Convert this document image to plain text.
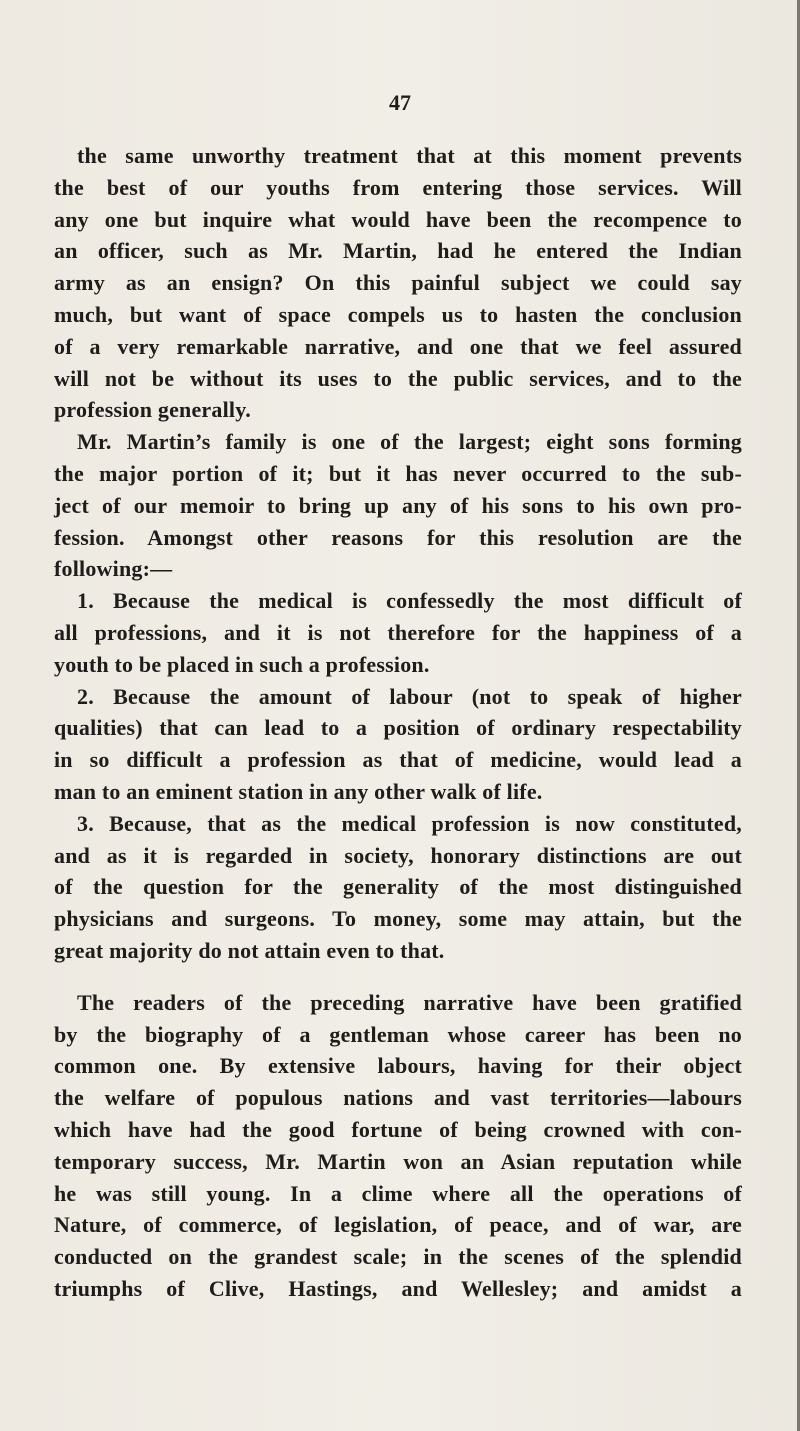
47
the same unworthy treatment that at this moment prevents
the best of our youths from entering those services. Will
any one but inquire what would have been the recompence to
an officer, such as Mr. Martin, had he entered the Indian
army as an ensign? On this painful subject we could say
much, but want of space compels us to hasten the conclusion
of a very remarkable narrative, and one that we feel assured
will not be without its uses to the public services, and to the
profession generally.
Mr. Martin’s family is one of the largest; eight sons forming
the major portion of it; but it has never occurred to the sub-
ject of our memoir to bring up any of his sons to his own pro-
fession. Amongst other reasons for this resolution are the
following:—
1. Because the medical is confessedly the most difficult of
all professions, and it is not therefore for the happiness of a
youth to be placed in such a profession.
2. Because the amount of labour (not to speak of higher
qualities) that can lead to a position of ordinary respectability
in so difficult a profession as that of medicine, would lead a
man to an eminent station in any other walk of life.
3. Because, that as the medical profession is now constituted,
and as it is regarded in society, honorary distinctions are out
of the question for the generality of the most distinguished
physicians and surgeons. To money, some may attain, but the
great majority do not attain even to that.
The readers of the preceding narrative have been gratified
by the biography of a gentleman whose career has been no
common one. By extensive labours, having for their object
the welfare of populous nations and vast territories—labours
which have had the good fortune of being crowned with con-
temporary success, Mr. Martin won an Asian reputation while
he was still young. In a clime where all the operations of
Nature, of commerce, of legislation, of peace, and of war, are
conducted on the grandest scale; in the scenes of the splendid
triumphs of Clive, Hastings, and Wellesley; and amidst a
